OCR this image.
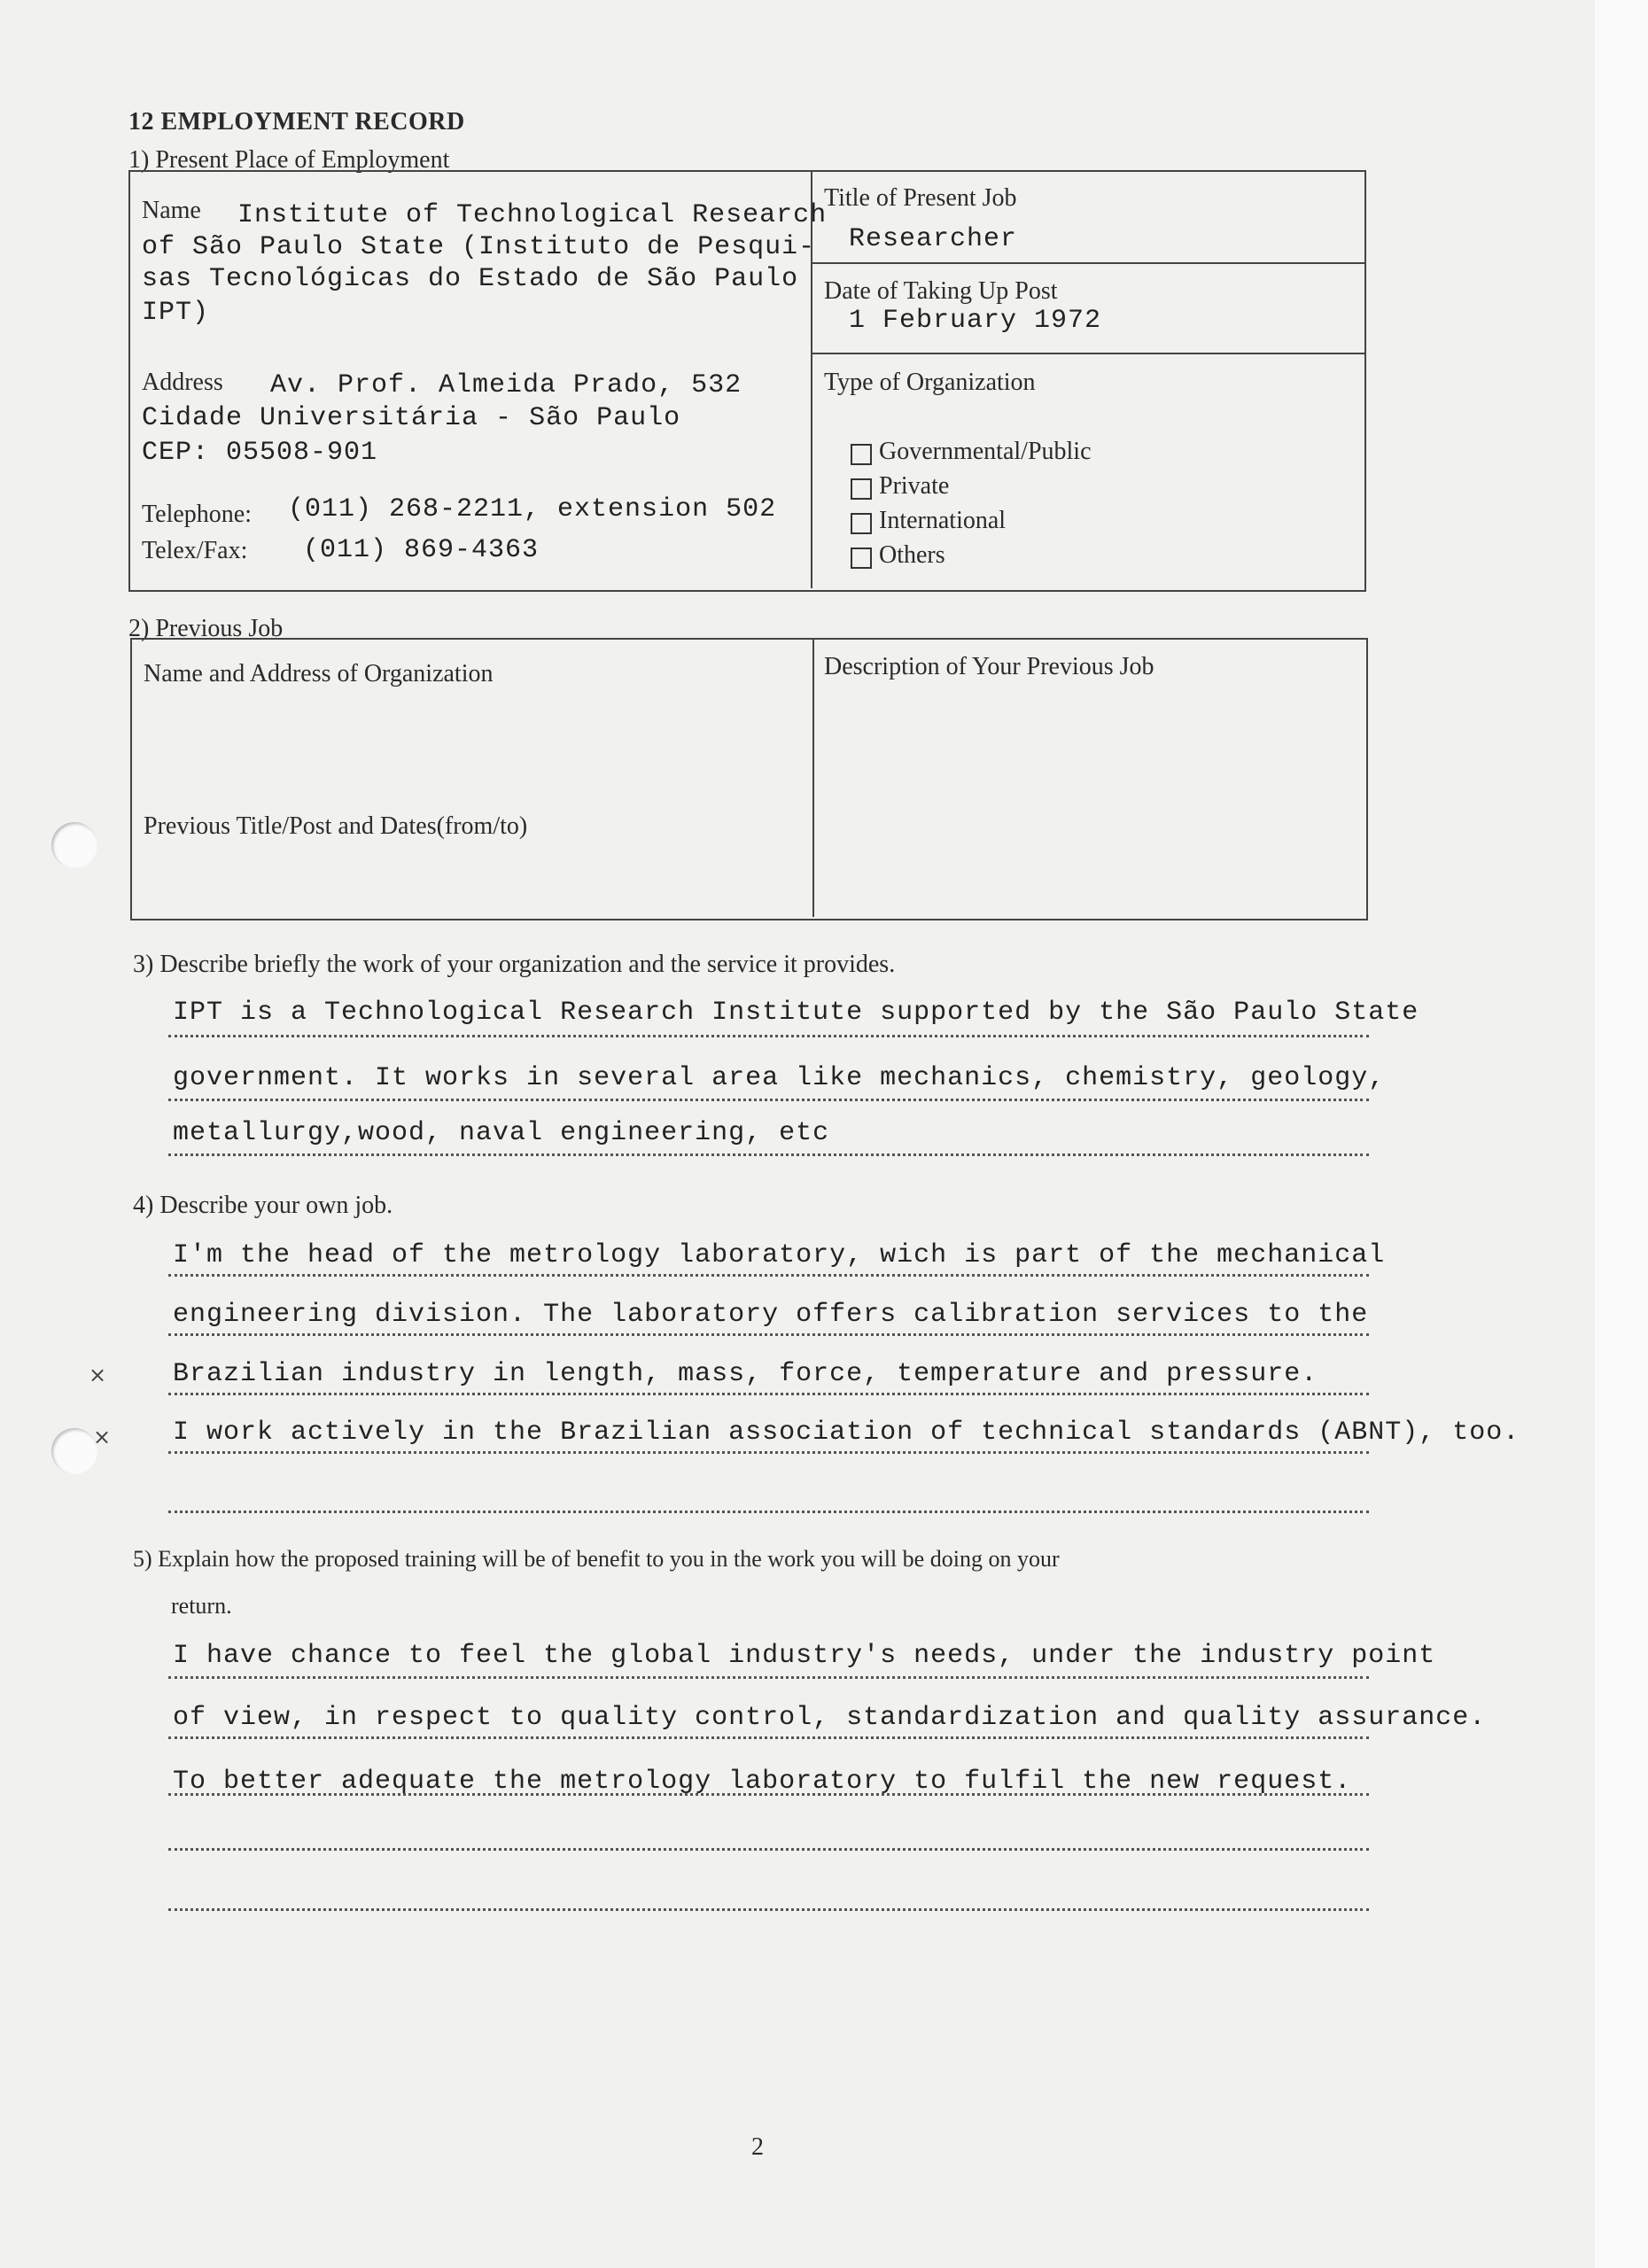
12 EMPLOYMENT RECORD
1) Present Place of Employment
Name Institute of Technological Research
of São Paulo State (Instituto de Pesqui-
sas Tecnológicas do Estado de São Paulo
IPT)
Address Av. Prof. Almeida Prado, 532
Cidade Universitária - São Paulo
CEP: 05508-901
Telephone: (011) 268-2211, extension 502
Telex/Fax: (011) 869-4363
Title of Present Job
Researcher
Date of Taking Up Post
1 February 1972
Type of Organization
Governmental/Public
Private
International
Others
2) Previous Job
Name and Address of Organization
Previous Title/Post and Dates(from/to)
Description of Your Previous Job
3) Describe briefly the work of your organization and the service it provides.
IPT is a Technological Research Institute supported by the São Paulo State
government. It works in several area like mechanics, chemistry, geology,
metallurgy,wood, naval engineering, etc
4) Describe your own job.
I'm the head of the metrology laboratory, wich is part of the mechanical
engineering division. The laboratory offers calibration services to the
Brazilian industry in length, mass, force, temperature and pressure.
I work actively in the Brazilian association of technical standards (ABNT), too.
5) Explain how the proposed training will be of benefit to you in the work you will be doing on your
return.
I have chance to feel the global industry's needs, under the industry point
of view, in respect to quality control, standardization and quality assurance.
To better adequate the metrology laboratory to fulfil the new request.
2
×
×
